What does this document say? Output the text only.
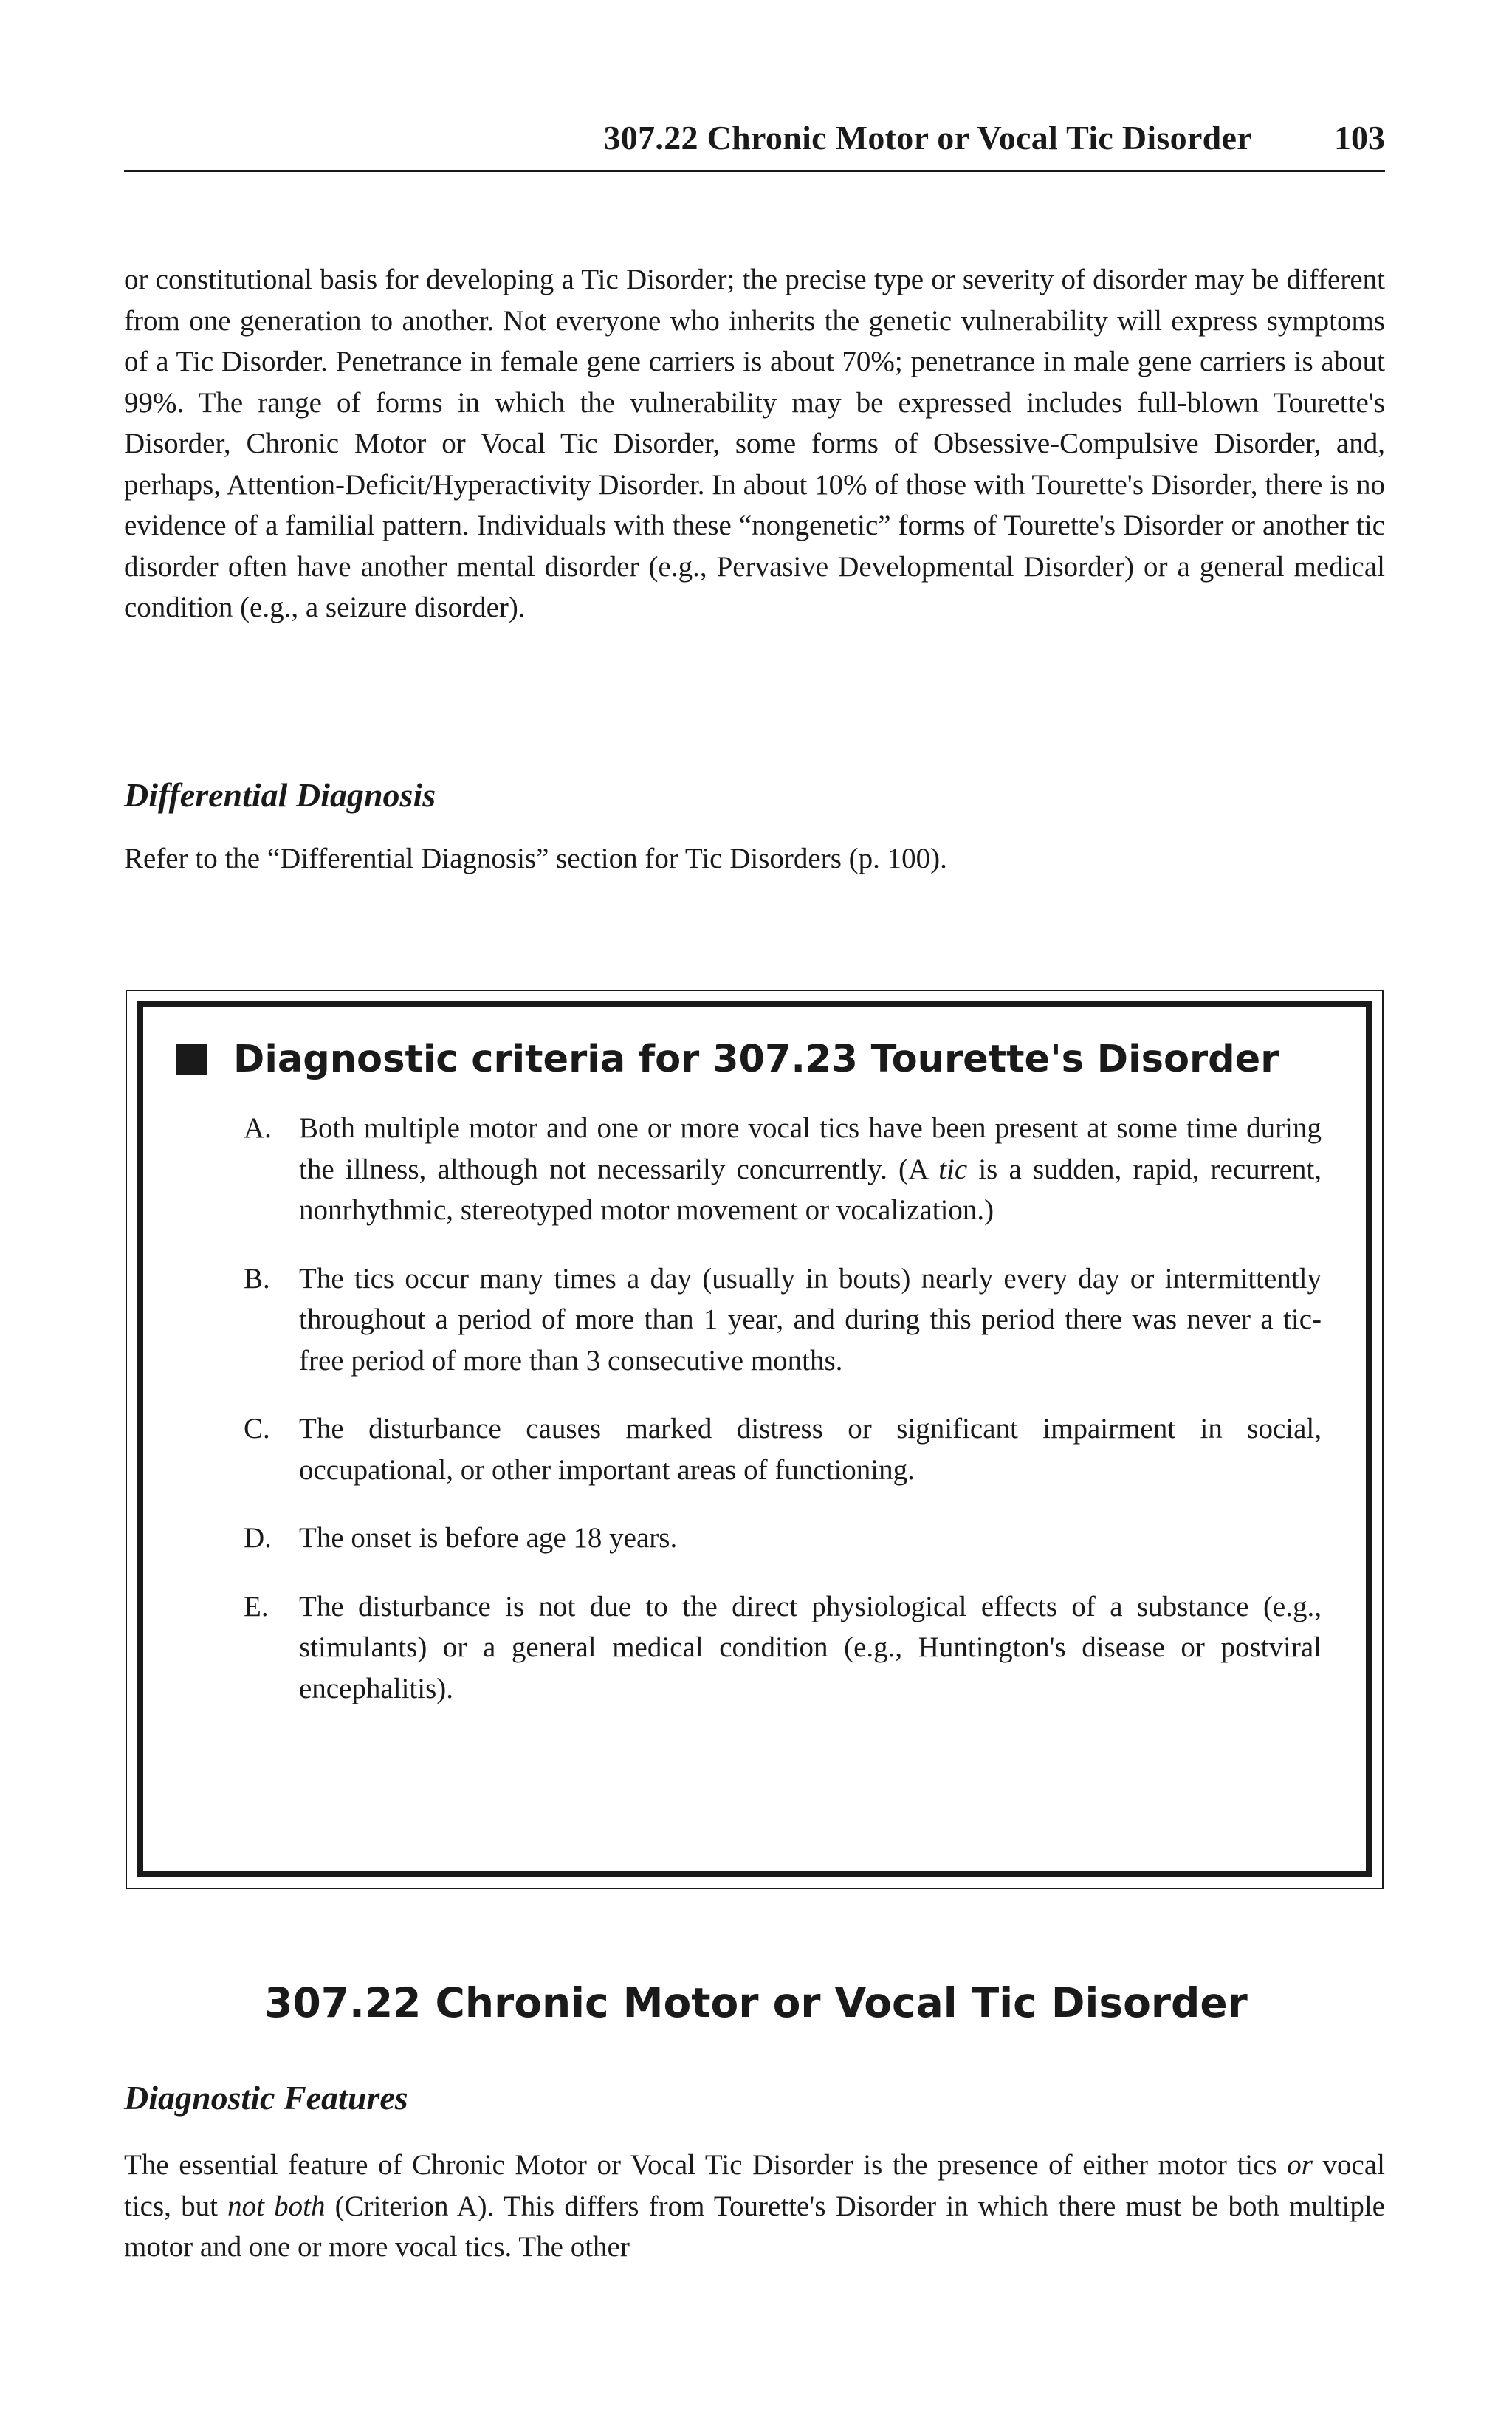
307.22 Chronic Motor or Vocal Tic Disorder 103
or constitutional basis for developing a Tic Disorder; the precise type or severity of disorder may be different from one generation to another. Not everyone who inherits the genetic vulnerability will express symptoms of a Tic Disorder. Penetrance in female gene carriers is about 70%; penetrance in male gene carriers is about 99%. The range of forms in which the vulnerability may be expressed includes full-blown Tourette's Disorder, Chronic Motor or Vocal Tic Disorder, some forms of Obsessive-Compulsive Disorder, and, perhaps, Attention-Deficit/Hyperactivity Disorder. In about 10% of those with Tourette's Disorder, there is no evidence of a familial pattern. Individuals with these “nongenetic” forms of Tourette's Disorder or another tic disorder often have another mental disorder (e.g., Pervasive Developmental Disorder) or a general medical condition (e.g., a seizure disorder).
Differential Diagnosis
Refer to the “Differential Diagnosis” section for Tic Disorders (p. 100).
Diagnostic criteria for 307.23 Tourette's Disorder
A. Both multiple motor and one or more vocal tics have been present at some time during the illness, although not necessarily concurrently. (A tic is a sudden, rapid, recurrent, nonrhythmic, stereotyped motor movement or vocalization.)
B.	The tics occur many times a day (usually in bouts) nearly every day or intermittently throughout a period of more than 1 year, and during this period there was never a tic-free period of more than 3 consecutive months.
C.	The disturbance causes marked distress or significant impairment in social, occupational, or other important areas of functioning.
D. The onset is before age 18 years.
E.	The disturbance is not due to the direct physiological effects of a substance (e.g., stimulants) or a general medical condition (e.g., Huntington's disease or postviral encephalitis).
307.22 Chronic Motor or Vocal Tic Disorder
Diagnostic Features
The essential feature of Chronic Motor or Vocal Tic Disorder is the presence of either motor tics or vocal tics, but not both (Criterion A). This differs from Tourette's Disorder in which there must be both multiple motor and one or more vocal tics. The other
